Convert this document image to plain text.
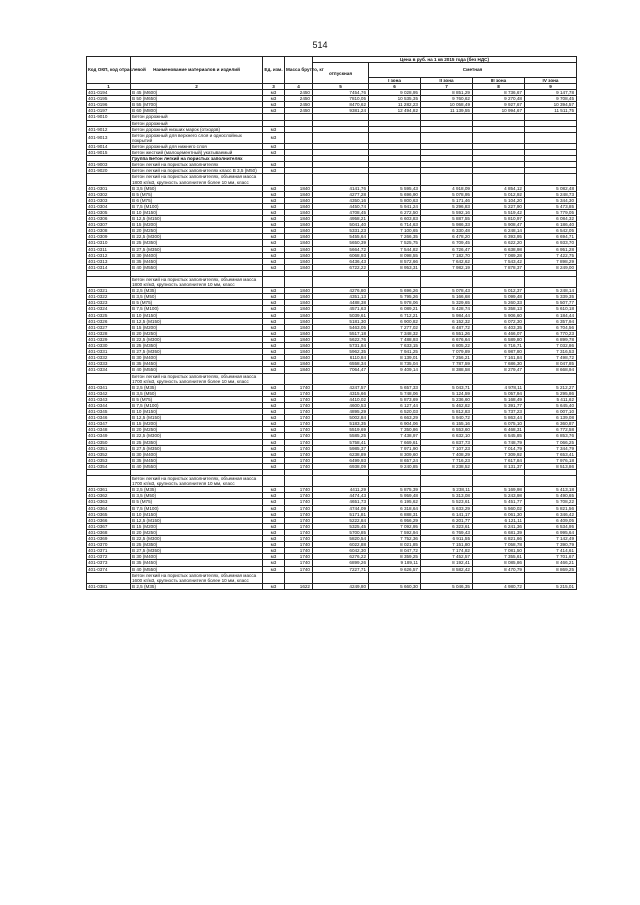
514
Код ОКП, код отраслевой	Наименование материалов и изделий	Ед. изм.	Масса брутто, кг	Цена в руб. на 1 кв 2015 года (без НДС)				
				отпускная	Сметная			
					I зона	II зона	III зона	IV зона
1	2	3	4	5	6	7	8	9
401-0194	В 45 (М600)	м3	2450	7454,76	9 028,95	8 851,29	8 736,67	9 147,78
401-0195	В 50 (М650)	м3	2450	7810,05	10 535,35	9 760,62	9 270,48	9 708,45
401-0196	В 55 (М700)	м3	2450	8470,62	11 282,23	10 058,49	9 927,67	10 394,57
401-0197	В 60 (М800)	м3	2450	9381,24	12 494,82	11 139,55	10 994,67	11 511,75
401-9010	Бетон дорожный							
	Бетон дорожный							
401-9012	Бетон дорожный низших марок (отходов)	м3						
401-9013	Бетон дорожный для верхнего слоя и однослойных покрытий	м3						
401-9014	Бетон дорожный для нижнего слоя	м3						
401-9015	Бетон жесткий (малоцементный) укатываемый	м3						
	Группа Бетон легкий на пористых заполнителях							
401-9003	Бетон легкий на пористых заполнителях	м3						
401-9020	Бетон легкий на пористых заполнителях класс В 3,5 (М50)	м3						
	Бетон легкий на пористых заполнителях, объемная масса 1800 кг/м3, крупность заполнителя более 10 мм, класс							
401-0301	В 3,5 (М50)	м3	1840	4141,76	5 595,43	4 918,09	4 854,12	5 082,48
401-0302	В 5 (М75)	м3	1840	4277,28	5 696,90	5 078,95	5 012,92	5 248,73
401-0303	В 6 (М75)	м3	1840	4350,16	5 800,63	5 171,46	5 104,20	5 344,30
401-0304	В 7,5 (М100)	м3	1840	4450,74	5 941,24	5 296,83	5 227,90	5 473,85
401-0305	В 10 (М150)	м3	1840	4708,45	6 272,50	5 592,16	5 519,42	5 779,05
401-0306	В 12,5 (М150)	м3	1840	4958,21	6 603,83	5 887,55	5 810,97	6 084,32
401-0307	В 15 (М200)	м3	1840	5041,40	6 714,63	5 986,33	5 908,47	6 186,40
401-0308	В 20 (М250)	м3	1840	5331,23	7 100,65	6 330,48	6 248,14	6 542,05
401-0309	В 22,5 (М300)	м3	1840	5455,64	7 266,35	6 478,20	6 393,95	6 694,71
401-0310	В 25 (М350)	м3	1840	5650,39	7 525,75	6 709,45	6 622,20	6 933,70
401-0311	В 27,5 (М350)	м3	1840	5664,72	7 544,82	6 726,47	6 638,98	6 951,28
401-0312	В 30 (М400)	м3	1840	6068,93	8 098,55	7 182,70	7 089,28	7 422,75
401-0313	В 35 (М450)	м3	1840	6436,43	8 572,66	7 642,62	7 543,42	7 898,29
401-0314	В 40 (М550)	м3	1840	6722,22	8 953,31	7 982,19	7 878,37	8 249,00

	Бетон легкий на пористых заполнителях, объемная масса 1800 кг/м3, крупность заполнителя 10 мм, класс							
401-0321	В 2,5 (М35)	м3	1840	4276,80	5 696,26	5 078,43	5 012,37	5 248,14
401-0322	В 3,5 (М50)	м3	1840	4351,13	5 795,26	5 166,68	5 099,48	5 339,35
401-0323	В 5 (М75)	м3	1840	4488,38	5 978,06	5 329,65	5 260,33	5 507,77
401-0324	В 7,5 (М100)	м3	1840	4571,63	6 089,21	5 428,74	5 358,13	5 610,18
401-0325	В 10 (М150)	м3	1840	5039,61	6 712,21	5 984,44	5 906,60	6 184,44
401-0326	В 12,5 (М150)	м3	1840	5181,30	6 900,82	6 152,32	6 072,30	6 357,94
401-0327	В 15 (М200)	м3	1840	5463,05	7 277,02	6 487,72	6 403,35	6 704,56
401-0328	В 20 (М250)	м3	1840	5517,18	7 348,32	6 551,26	6 466,07	6 770,23
401-0329	В 22,5 (М300)	м3	1840	5622,76	7 488,93	6 676,64	6 589,80	6 899,78
401-0330	В 25 (М350)	м3	1840	5731,84	7 633,15	6 805,22	6 716,71	7 032,86
401-0331	В 27,5 (М350)	м3	1840	5962,35	7 941,25	7 079,89	6 987,80	7 316,53
401-0332	В 30 (М400)	м3	1840	6110,84	8 139,01	7 256,21	7 161,84	7 498,72
401-0333	В 35 (М450)	м3	1840	6558,34	8 735,04	7 787,59	7 686,30	8 047,85
401-0334	В 40 (М550)	м3	1840	7064,47	9 409,14	8 388,58	8 279,47	8 668,94
	Бетон легкий на пористых заполнителях, объемная масса 1700 кг/м3, крупность заполнителя более 10 мм, класс							
401-0341	В 2,5 (М35)	м3	1740	4247,57	5 657,33	5 043,71	4 978,11	5 212,27
401-0342	В 3,5 (М50)	м3	1740	4315,66	5 748,06	5 124,59	5 057,94	5 295,86
401-0343	В 5 (М75)	м3	1740	4410,02	5 873,69	5 236,60	5 168,49	5 411,62
401-0344	В 7,5 (М100)	м3	1740	4600,53	6 127,44	5 462,82	5 391,77	5 645,40
401-0345	В 10 (М150)	м3	1740	4895,29	6 520,03	5 812,83	5 737,23	6 007,10
401-0346	В 12,5 (М150)	м3	1740	5002,84	6 663,29	5 940,72	5 863,44	6 139,08
401-0347	В 15 (М200)	м3	1740	5183,35	6 904,06	6 155,16	6 075,10	6 360,87
401-0348	В 20 (М250)	м3	1740	5519,69	7 350,86	6 553,60	6 468,31	6 772,58
401-0349	В 22,5 (М300)	м3	1740	5585,25	7 438,97	6 632,10	6 545,85	6 853,76
401-0350	В 25 (М350)	м3	1740	5758,41	7 669,61	6 837,73	6 748,79	7 066,25
401-0351	В 27,5 (М350)	м3	1740	5985,37	7 971,90	7 107,23	7 014,79	7 344,79
401-0352	В 30 (М400)	м3	1740	6238,89	8 309,60	7 408,29	7 309,92	7 653,41
401-0353	В 35 (М450)	м3	1740	6499,93	8 657,24	7 716,23	7 617,84	7 976,18
401-0354	В 40 (М550)	м3	1740	6938,09	9 240,85	8 238,52	8 131,37	8 513,86

	Бетон легкий на пористых заполнителях, объемная масса 1700 кг/м3, крупность заполнителя 10 мм, класс							
401-0361	В 2,5 (М35)	м3	1740	4411,29	5 875,39	5 238,11	5 169,98	5 413,18
401-0362	В 3,5 (М50)	м3	1740	4474,43	5 959,48	5 313,08	5 243,98	5 490,65
401-0363	В 5 (М75)	м3	1740	4651,73	6 195,62	5 523,61	5 451,77	5 708,22
401-0364	В 7,5 (М100)	м3	1740	4744,09	6 318,64	5 633,29	5 560,02	5 821,56
401-0365	В 10 (М150)	м3	1740	5171,81	6 888,31	6 141,17	6 061,30	6 346,42
401-0366	В 12,5 (М150)	м3	1740	5222,84	6 956,29	6 201,77	6 121,11	6 409,05
401-0367	В 15 (М200)	м3	1740	5325,45	7 092,95	6 323,61	6 241,36	6 534,95
401-0368	В 20 (М250)	м3	1740	5700,85	7 592,94	6 769,43	6 681,39	6 995,64
401-0369	В 22,5 (М300)	м3	1740	5820,54	7 752,36	6 911,55	6 821,66	7 142,49
401-0370	В 25 (М350)	м3	1740	6022,88	8 021,85	7 151,80	7 058,78	7 390,79
401-0371	В 27,5 (М350)	м3	1740	6042,30	8 047,72	7 174,82	7 081,50	7 414,61
401-0372	В 30 (М400)	м3	1740	6276,22	8 359,25	7 452,57	7 355,61	7 701,67
401-0373	В 35 (М450)	м3	1740	6899,26	9 189,11	8 192,41	8 085,86	8 466,21
401-0374	В 40 (М550)	м3	1740	7227,71	9 626,57	8 582,42	8 470,79	8 869,25
	Бетон легкий на пористых заполнителях, объемная масса 1600 кг/м3, крупность заполнителя более 10 мм, класс							
401-0381	В 2,5 (М35)	м3	1622	4249,80	5 660,30	5 046,35	4 980,72	5 215,01
